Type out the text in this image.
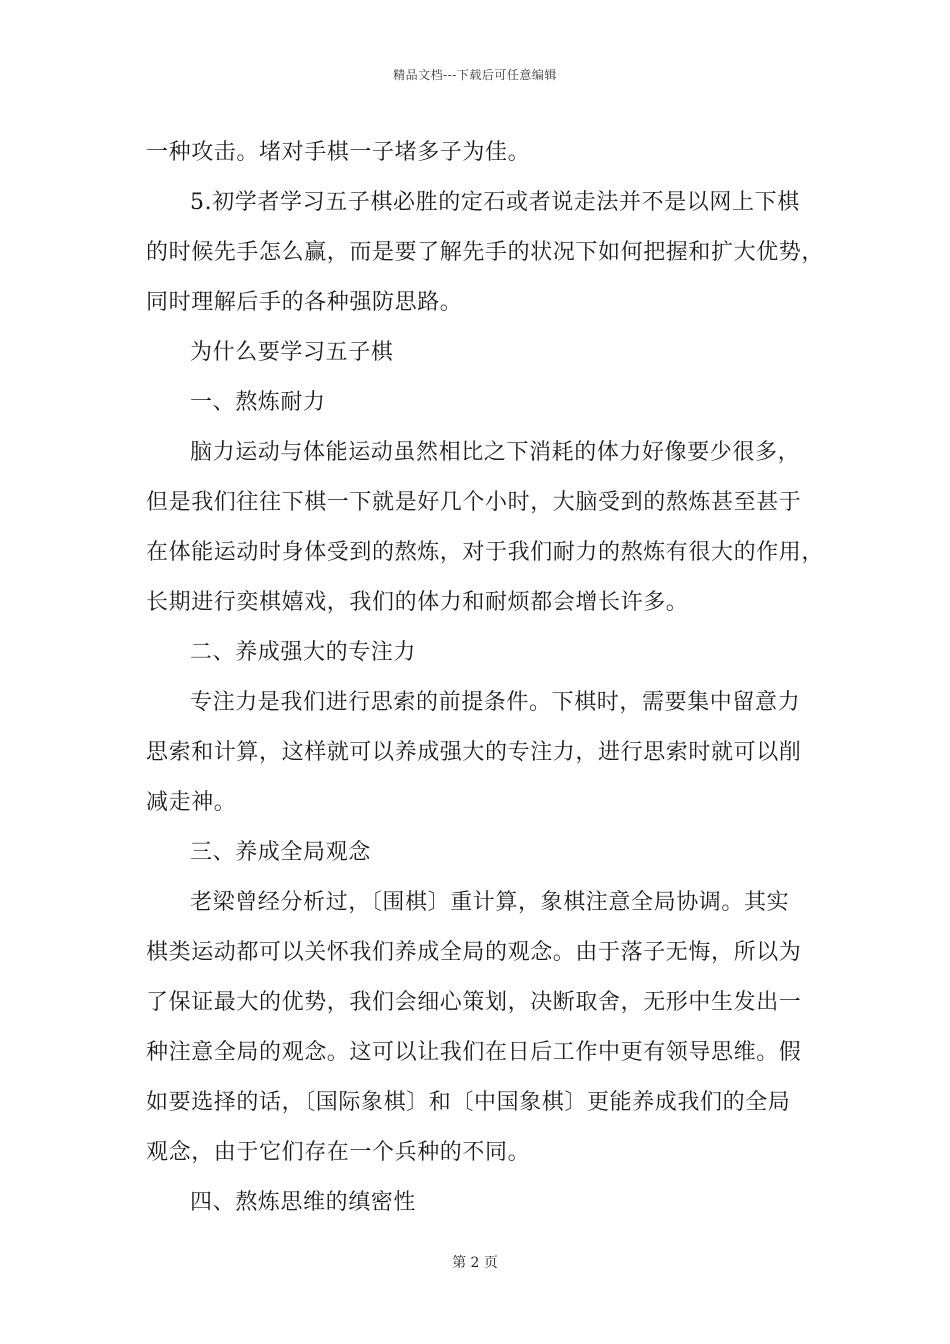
精品文档---下载后可任意编辑
一种攻击。堵对手棋一子堵多子为佳。
5.初学者学习五子棋必胜的定石或者说走法并不是以网上下棋
的时候先手怎么赢，而是要了解先手的状况下如何把握和扩大优势，
同时理解后手的各种强防思路。
为什么要学习五子棋
一、熬炼耐力
脑力运动与体能运动虽然相比之下消耗的体力好像要少很多，
但是我们往往下棋一下就是好几个小时，大脑受到的熬炼甚至甚于
在体能运动时身体受到的熬炼，对于我们耐力的熬炼有很大的作用，
长期进行奕棋嬉戏，我们的体力和耐烦都会增长许多。
二、养成强大的专注力
专注力是我们进行思索的前提条件。下棋时，需要集中留意力
思索和计算，这样就可以养成强大的专注力，进行思索时就可以削
减走神。
三、养成全局观念
老梁曾经分析过，〔围棋〕重计算，象棋注意全局协调。其实
棋类运动都可以关怀我们养成全局的观念。由于落子无悔，所以为
了保证最大的优势，我们会细心策划，决断取舍，无形中生发出一
种注意全局的观念。这可以让我们在日后工作中更有领导思维。假
如要选择的话，〔国际象棋〕和〔中国象棋〕更能养成我们的全局
观念，由于它们存在一个兵种的不同。
四、熬炼思维的缜密性
第 2 页
